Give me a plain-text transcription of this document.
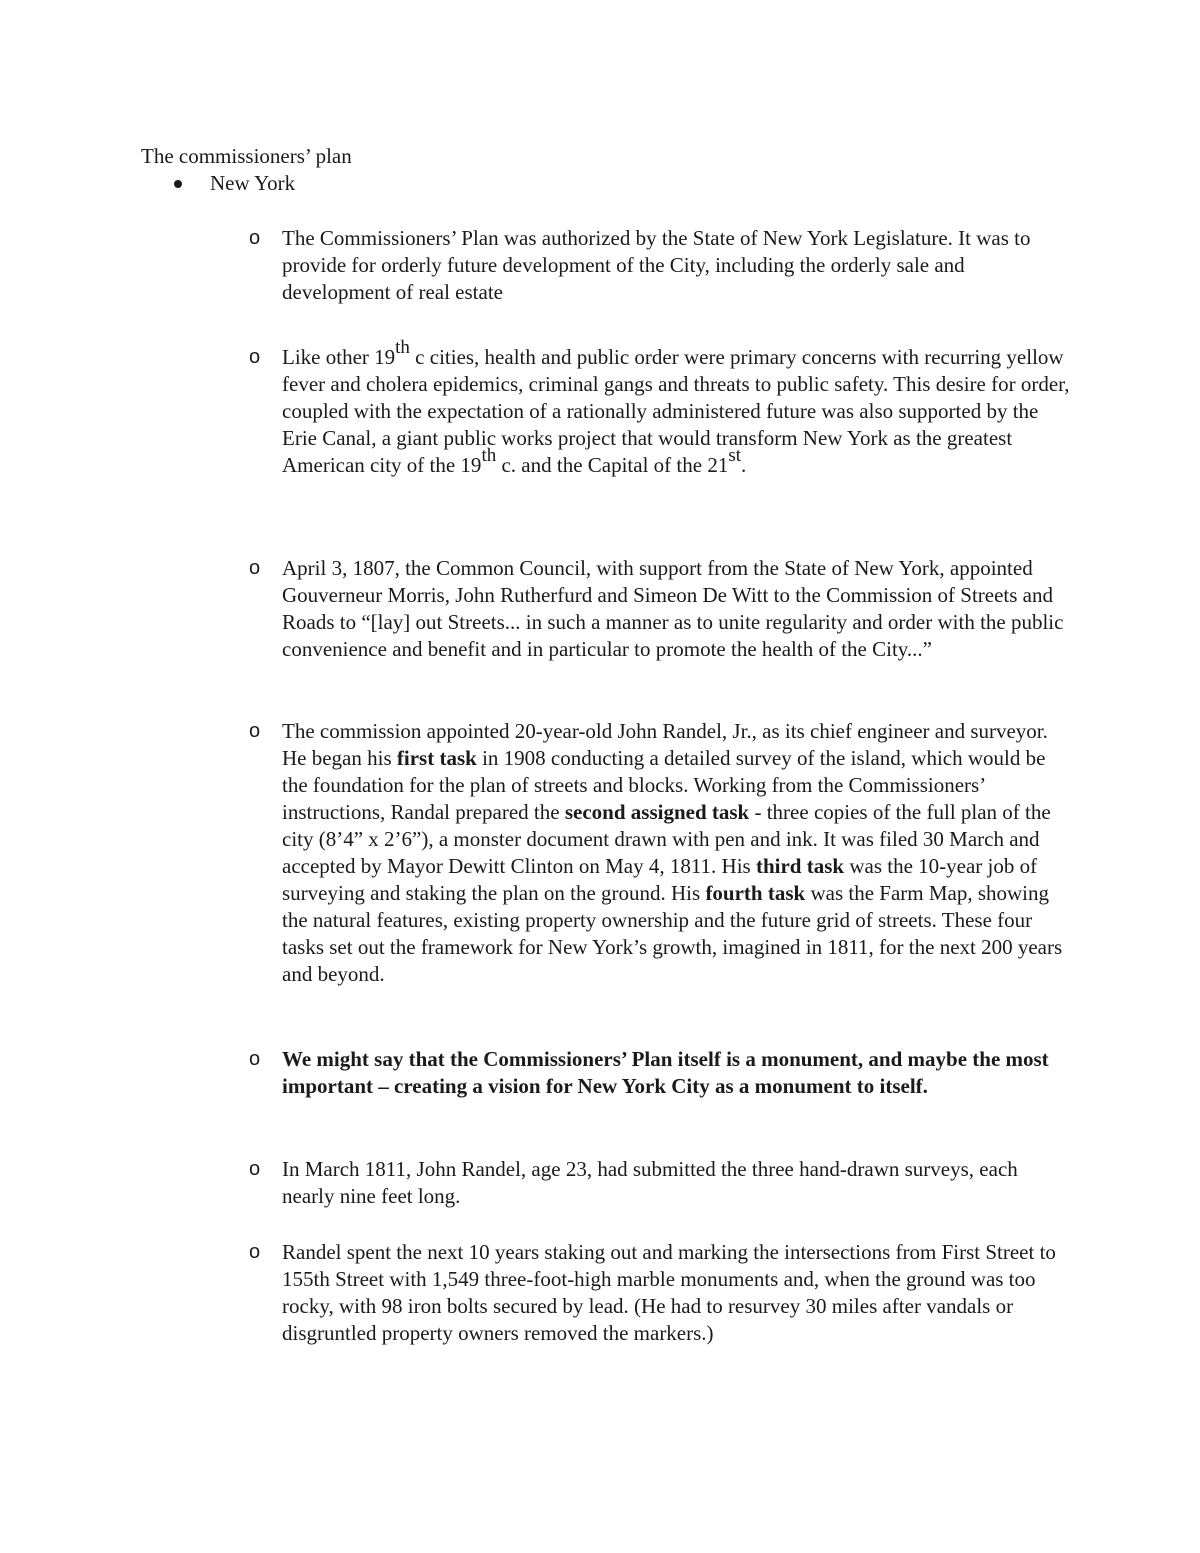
The commissioners’ plan
New York
o The Commissioners’ Plan was authorized by the State of New York Legislature. It was to provide for orderly future development of the City, including the orderly sale and development of real estate
o Like other 19th c cities, health and public order were primary concerns with recurring yellow fever and cholera epidemics, criminal gangs and threats to public safety. This desire for order, coupled with the expectation of a rationally administered future was also supported by the Erie Canal, a giant public works project that would transform New York as the greatest American city of the 19th c. and the Capital of the 21st.
o April 3, 1807, the Common Council, with support from the State of New York, appointed Gouverneur Morris, John Rutherfurd and Simeon De Witt to the Commission of Streets and Roads to “[lay] out Streets... in such a manner as to unite regularity and order with the public convenience and benefit and in particular to promote the health of the City...”
o The commission appointed 20-year-old John Randel, Jr., as its chief engineer and surveyor. He began his first task in 1908 conducting a detailed survey of the island, which would be the foundation for the plan of streets and blocks. Working from the Commissioners’ instructions, Randal prepared the second assigned task - three copies of the full plan of the city (8’4” x 2’6”), a monster document drawn with pen and ink. It was filed 30 March and accepted by Mayor Dewitt Clinton on May 4, 1811. His third task was the 10-year job of surveying and staking the plan on the ground. His fourth task was the Farm Map, showing the natural features, existing property ownership and the future grid of streets. These four tasks set out the framework for New York’s growth, imagined in 1811, for the next 200 years and beyond.
o We might say that the Commissioners’ Plan itself is a monument, and maybe the most important – creating a vision for New York City as a monument to itself.
o In March 1811, John Randel, age 23, had submitted the three hand-drawn surveys, each nearly nine feet long.
o Randel spent the next 10 years staking out and marking the intersections from First Street to 155th Street with 1,549 three-foot-high marble monuments and, when the ground was too rocky, with 98 iron bolts secured by lead. (He had to resurvey 30 miles after vandals or disgruntled property owners removed the markers.)
